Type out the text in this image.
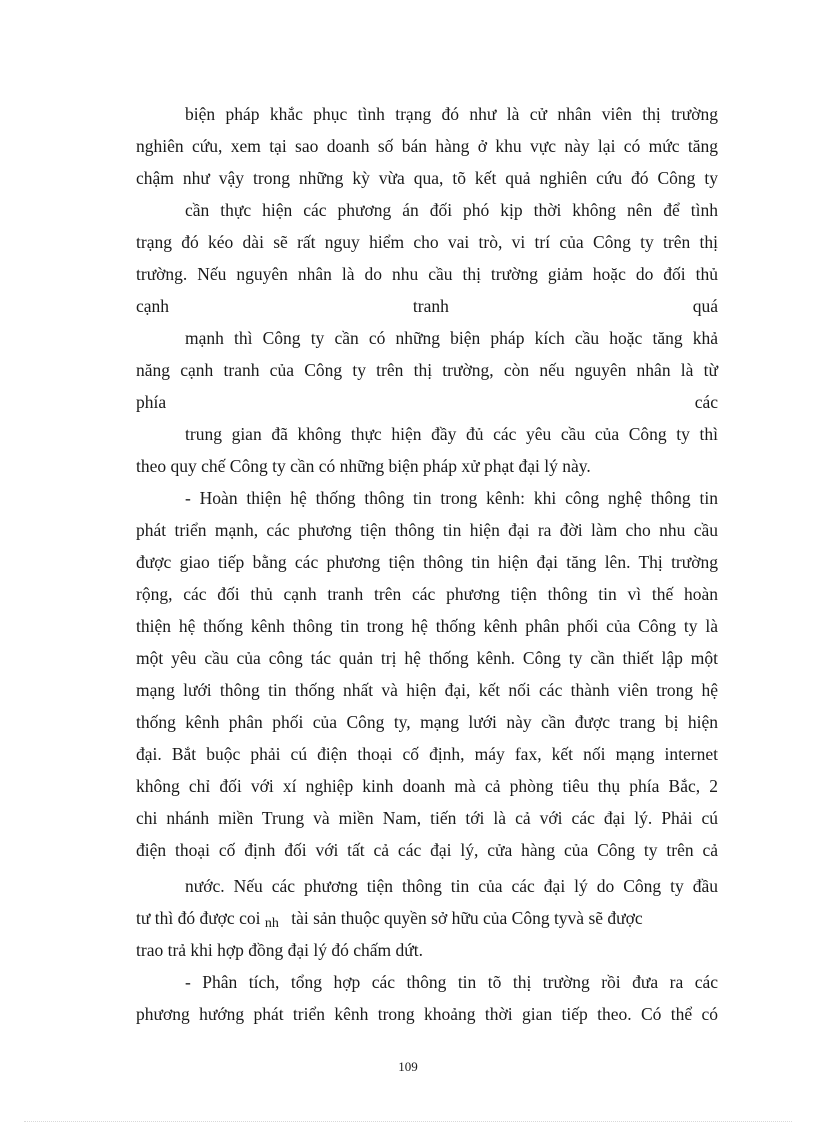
biện pháp khắc phục tình trạng đó như là cử nhân viên thị trường
nghiên cứu, xem tại sao doanh số bán hàng ở khu vực này lại có mức tăng
chậm như vậy trong những kỳ vừa qua, tõ kết quả nghiên cứu đó Công ty
cần thực hiện các phương án đối phó kịp thời không nên để tình
trạng đó kéo dài sẽ rất nguy hiểm cho vai trò, vi trí của Công ty trên thị
trường. Nếu nguyên nhân là do nhu cầu thị trường giảm hoặc do đối thủ
cạnh tranh quá
mạnh thì Công ty cần có những biện pháp kích cầu hoặc tăng khả
năng cạnh tranh của Công ty trên thị trường, còn nếu nguyên nhân là từ
phía các
trung gian đã không thực hiện đầy đủ các yêu cầu của Công ty thì
theo quy chế Công ty cần có những biện pháp xử phạt đại lý này.
- Hoàn thiện hệ thống thông tin trong kênh: khi công nghệ thông tin
phát triển mạnh, các phương tiện thông tin hiện đại ra đời làm cho nhu cầu
được giao tiếp bằng các phương tiện thông tin hiện đại tăng lên. Thị trường
rộng, các đối thủ cạnh tranh trên các phương tiện thông tin vì thế hoàn
thiện hệ thống kênh thông tin trong hệ thống kênh phân phối của Công ty là
một yêu cầu của công tác quản trị hệ thống kênh. Công ty cần thiết lập một
mạng lưới thông tin thống nhất và hiện đại, kết nối các thành viên trong hệ
thống kênh phân phối của Công ty, mạng lưới này cần được trang bị hiện
đại. Bắt buộc phải cú điện thoại cố định, máy fax, kết nối mạng internet
không chỉ đối với xí nghiệp kinh doanh mà cả phòng tiêu thụ phía Bắc, 2
chi nhánh miền Trung và miền Nam, tiến tới là cả với các đại lý. Phải cú
điện thoại cố định đối với tất cả các đại lý, cửa hàng của Công ty trên cả
nước. Nếu các phương tiện thông tin của các đại lý do Công ty đầu
tư thì đó được coi nh tài sản thuộc quyền sở hữu của Công tyvà sẽ được
trao trả khi hợp đồng đại lý đó chấm dứt.
- Phân tích, tổng hợp các thông tin tõ thị trường rồi đưa ra các
phương hướng phát triển kênh trong khoảng thời gian tiếp theo. Có thể có
109
